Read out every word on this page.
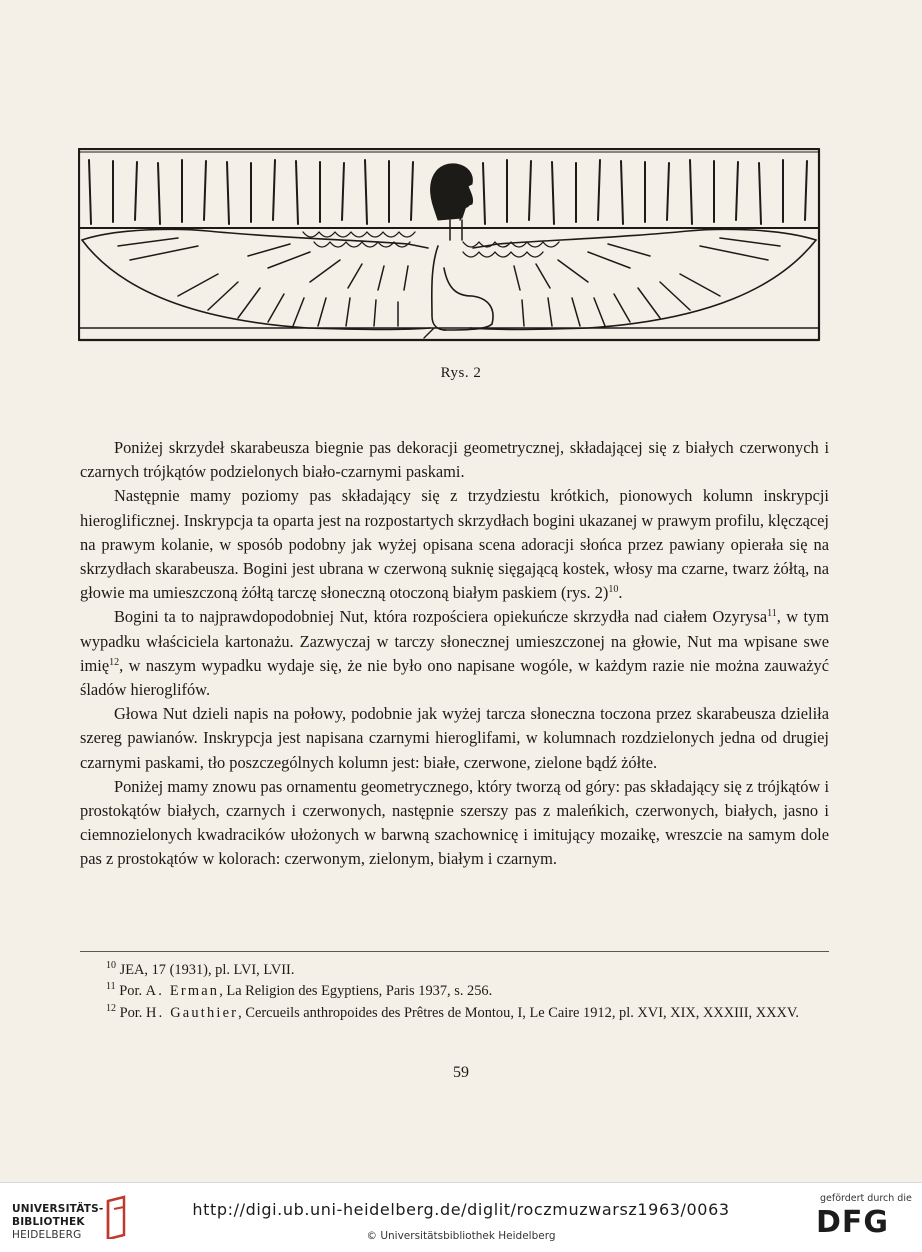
Rys. 2

Poniżej skrzydeł skarabeusza biegnie pas dekoracji geometrycznej, składającej się z białych czerwonych i czarnych trójkątów podzielonych biało-czarnymi paskami.

Następnie mamy poziomy pas składający się z trzydziestu krótkich, pionowych kolumn inskrypcji hieroglificznej. Inskrypcja ta oparta jest na rozpostartych skrzydłach bogini ukazanej w prawym profilu, klęczącej na prawym kolanie, w sposób podobny jak wyżej opisana scena adoracji słońca przez pawiany opierała się na skrzydłach skarabeusza. Bogini jest ubrana w czerwoną suknię sięgającą kostek, włosy ma czarne, twarz żółtą, na głowie ma umieszczoną żółtą tarczę słoneczną otoczoną białym paskiem (rys. 2)$^{10}$.

Bogini ta to najprawdopodobniej Nut, która rozpościera opiekuńcze skrzydła nad ciałem Ozyrysa$^{11}$, w tym wypadku właściciela kartonażu. Zazwyczaj w tarczy słonecznej umieszczonej na głowie, Nut ma wpisane swe imię$^{12}$, w naszym wypadku wydaje się, że nie było ono napisane wogóle, w każdym razie nie można zauważyć śladów hieroglifów.

Głowa Nut dzieli napis na połowy, podobnie jak wyżej tarcza słoneczna toczona przez skarabeusza dzieliła szereg pawianów. Inskrypcja jest napisana czarnymi hieroglifami, w kolumnach rozdzielonych jedna od drugiej czarnymi paskami, tło poszczególnych kolumn jest: białe, czerwone, zielone bądź żółte.

Poniżej mamy znowu pas ornamentu geometrycznego, który tworzą od góry: pas składający się z trójkątów i prostokątów białych, czarnych i czerwonych, następnie szerszy pas z maleńkich, czerwonych, białych, jasno i ciemnozielonych kwadracików ułożonych w barwną szachownicę i imitujący mozaikę, wreszcie na samym dole pas z prostokątów w kolorach: czerwonym, zielonym, białym i czarnym.

$^{10}$ JEA, 17 (1931), pl. LVI, LVII.
$^{11}$ Por. A. Erman, La Religion des Egyptiens, Paris 1937, s. 256.
$^{12}$ Por. H. Gauthier, Cercueils anthropoides des Prêtres de Montou, I, Le Caire 1912, pl. XVI, XIX, XXXIII, XXXV.
59
UNIVERSITÄTS-
BIBLIOTHEK
HEIDELBERG
http://digi.ub.uni-heidelberg.de/diglit/roczmuzwarsz1963/0063
© Universitätsbibliothek Heidelberg
gefördert durch die
DFG
